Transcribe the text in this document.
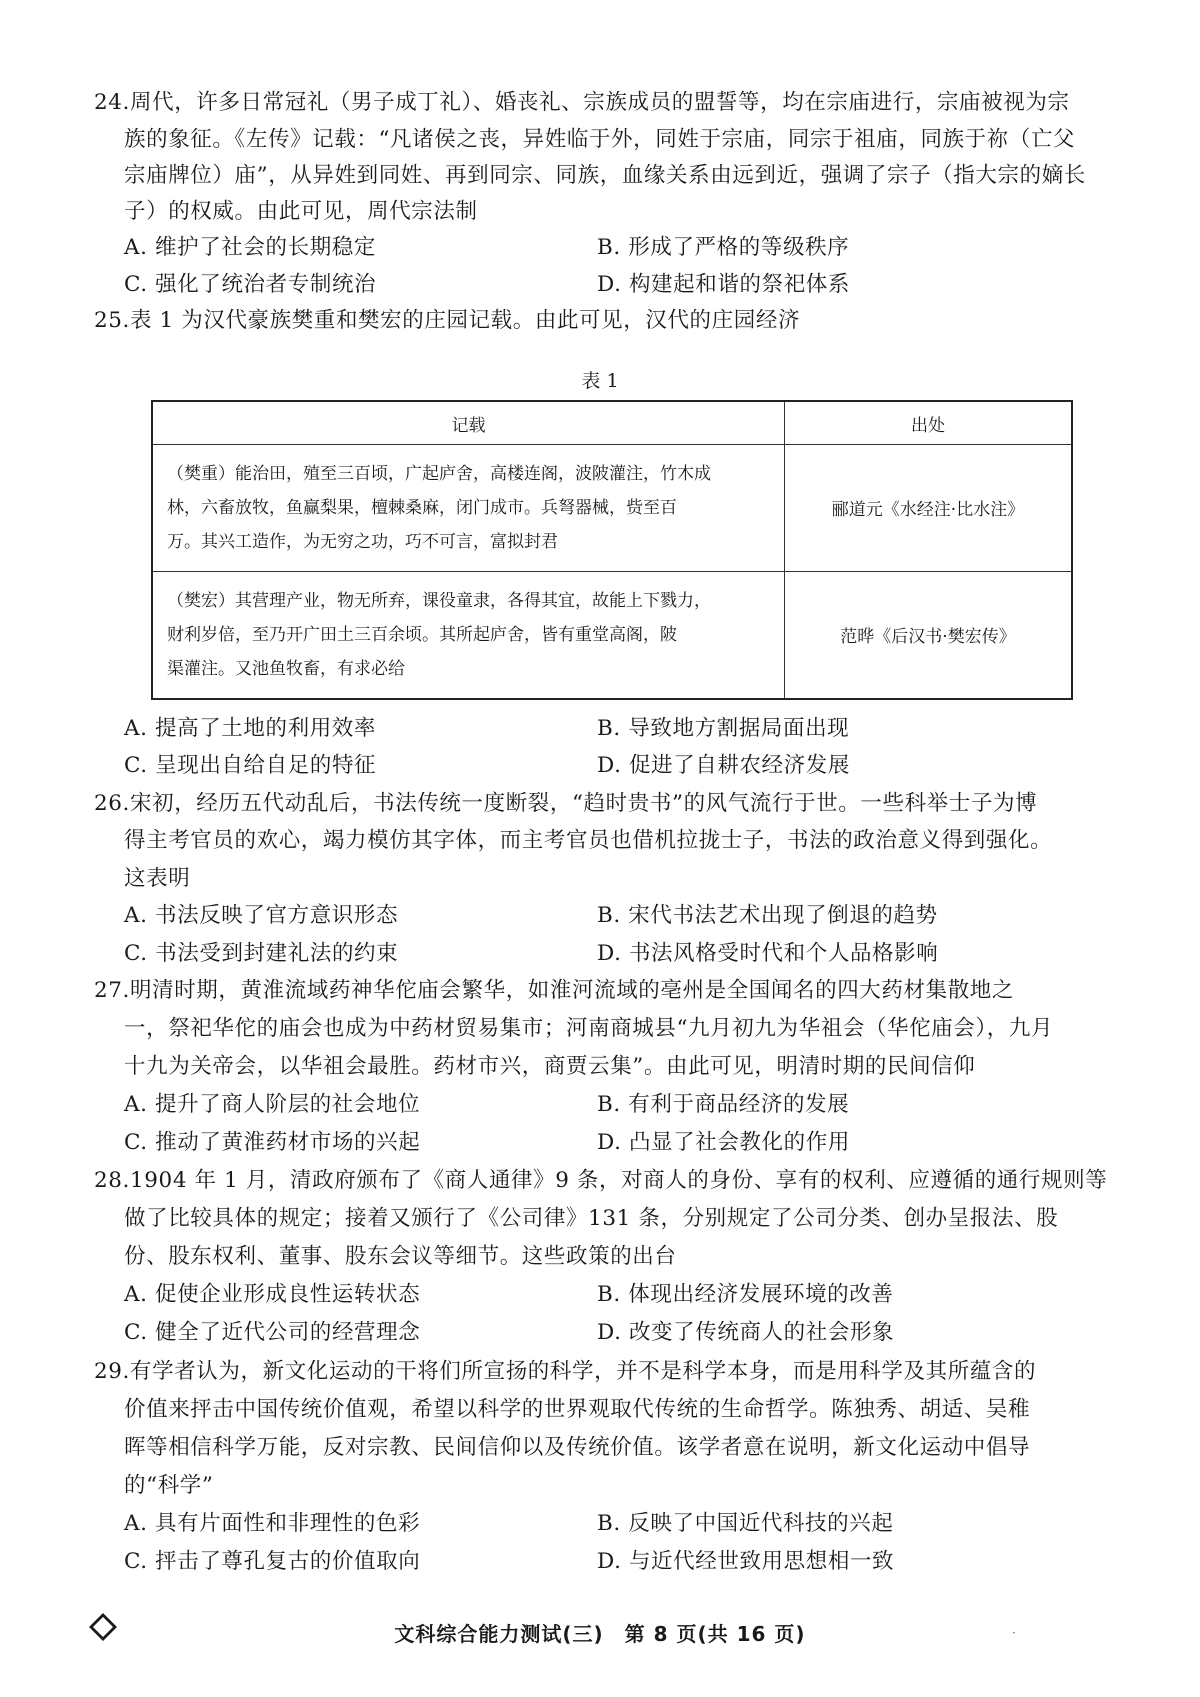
24.周代，许多日常冠礼（男子成丁礼）、婚丧礼、宗族成员的盟誓等，均在宗庙进行，宗庙被视为宗
族的象征。《左传》记载：“凡诸侯之丧，异姓临于外，同姓于宗庙，同宗于祖庙，同族于祢（亡父
宗庙牌位）庙”，从异姓到同姓、再到同宗、同族，血缘关系由远到近，强调了宗子（指大宗的嫡长
子）的权威。由此可见，周代宗法制
A. 维护了社会的长期稳定	B. 形成了严格的等级秩序
C. 强化了统治者专制统治	D. 构建起和谐的祭祀体系
25.表 1 为汉代豪族樊重和樊宏的庄园记载。由此可见，汉代的庄园经济
表 1
记载	出处

（樊重）能治田，殖至三百顷，广起庐舍，高楼连阁，波陂灌注，竹木成
林，六畜放牧，鱼赢梨果，檀棘桑麻，闭门成市。兵弩器械，赀至百
万。其兴工造作，为无穷之功，巧不可言，富拟封君	郦道元《水经注·比水注》

（樊宏）其营理产业，物无所弃，课役童隶，各得其宜，故能上下戮力，
财利岁倍，至乃开广田土三百余顷。其所起庐舍，皆有重堂高阁，陂
渠灌注。又池鱼牧畜，有求必给	范晔《后汉书·樊宏传》
A. 提高了土地的利用效率	B. 导致地方割据局面出现
C. 呈现出自给自足的特征	D. 促进了自耕农经济发展
26.宋初，经历五代动乱后，书法传统一度断裂，“趋时贵书”的风气流行于世。一些科举士子为博
得主考官员的欢心，竭力模仿其字体，而主考官员也借机拉拢士子，书法的政治意义得到强化。
这表明
A. 书法反映了官方意识形态	B. 宋代书法艺术出现了倒退的趋势
C. 书法受到封建礼法的约束	D. 书法风格受时代和个人品格影响
27.明清时期，黄淮流域药神华佗庙会繁华，如淮河流域的亳州是全国闻名的四大药材集散地之
一，祭祀华佗的庙会也成为中药材贸易集市；河南商城县“九月初九为华祖会（华佗庙会），九月
十九为关帝会，以华祖会最胜。药材市兴，商贾云集”。由此可见，明清时期的民间信仰
A. 提升了商人阶层的社会地位	B. 有利于商品经济的发展
C. 推动了黄淮药材市场的兴起	D. 凸显了社会教化的作用
28.1904 年 1 月，清政府颁布了《商人通律》9 条，对商人的身份、享有的权利、应遵循的通行规则等
做了比较具体的规定；接着又颁行了《公司律》131 条，分别规定了公司分类、创办呈报法、股
份、股东权利、董事、股东会议等细节。这些政策的出台
A. 促使企业形成良性运转状态	B. 体现出经济发展环境的改善
C. 健全了近代公司的经营理念	D. 改变了传统商人的社会形象
29.有学者认为，新文化运动的干将们所宣扬的科学，并不是科学本身，而是用科学及其所蕴含的
价值来抨击中国传统价值观，希望以科学的世界观取代传统的生命哲学。陈独秀、胡适、吴稚
晖等相信科学万能，反对宗教、民间信仰以及传统价值。该学者意在说明，新文化运动中倡导
的“科学”
A. 具有片面性和非理性的色彩	B. 反映了中国近代科技的兴起
C. 抨击了尊孔复古的价值取向	D. 与近代经世致用思想相一致
文科综合能力测试(三)　第 8 页(共 16 页)	·
